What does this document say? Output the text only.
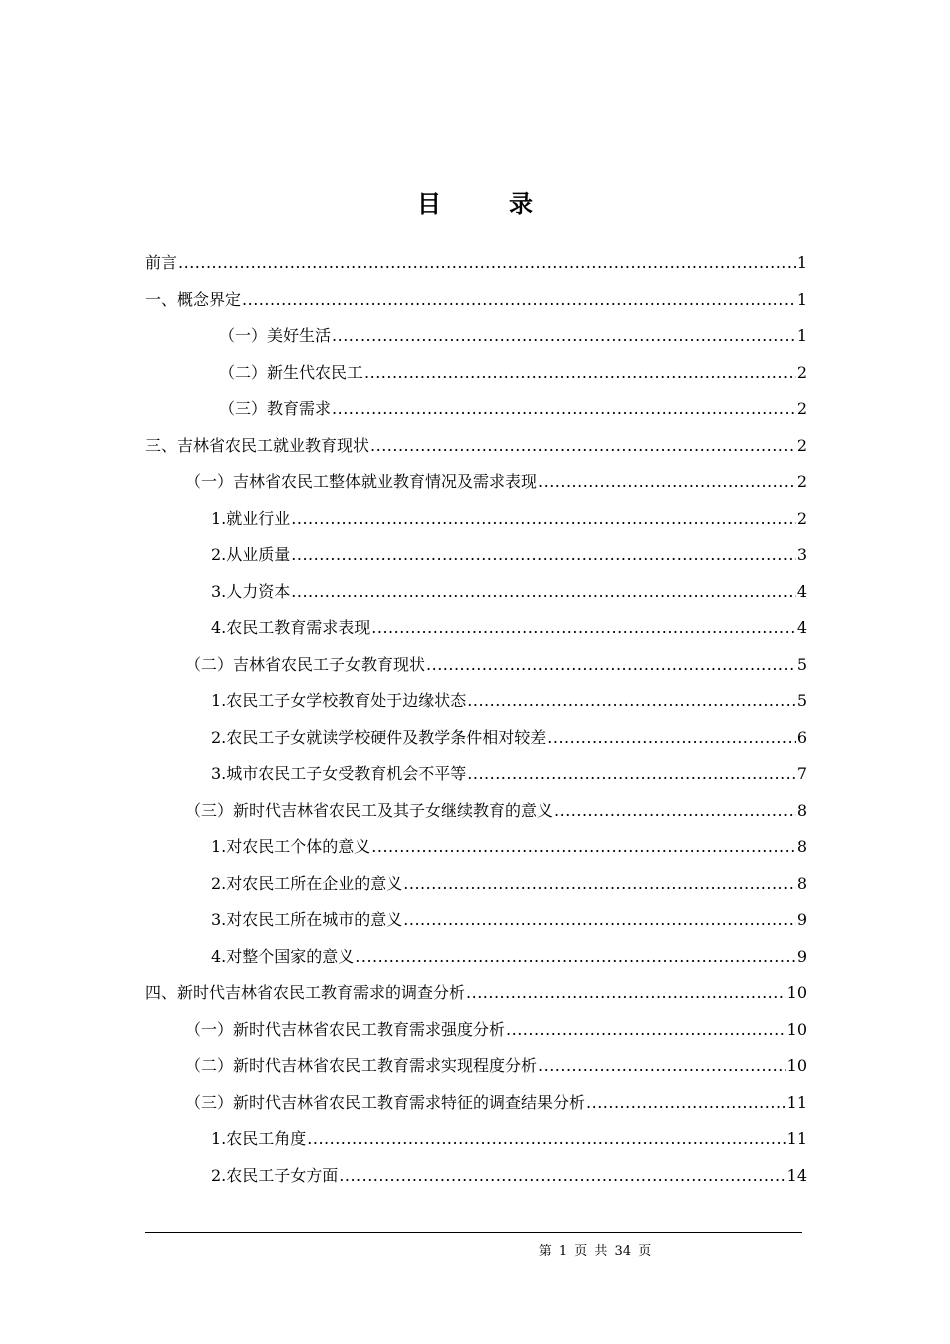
目　录
前言 .....	1
一、概念界定 .....	1
（一）美好生活 .....	1
（二）新生代农民工 .....	2
（三）教育需求 .....	2
三、吉林省农民工就业教育现状 .....	2
（一）吉林省农民工整体就业教育情况及需求表现 .....	2
1.就业行业 .....	2
2.从业质量 .....	3
3.人力资本 .....	4
4.农民工教育需求表现 .....	4
（二）吉林省农民工子女教育现状 .....	5
1.农民工子女学校教育处于边缘状态 .....	5
2.农民工子女就读学校硬件及教学条件相对较差 .....	6
3.城市农民工子女受教育机会不平等 .....	7
（三）新时代吉林省农民工及其子女继续教育的意义 .....	8
1.对农民工个体的意义 .....	8
2.对农民工所在企业的意义 .....	8
3.对农民工所在城市的意义 .....	9
4.对整个国家的意义 .....	9
四、新时代吉林省农民工教育需求的调查分析 .....	10
（一）新时代吉林省农民工教育需求强度分析 .....	10
（二）新时代吉林省农民工教育需求实现程度分析 .....	10
（三）新时代吉林省农民工教育需求特征的调查结果分析 .....	11
1.农民工角度 .....	11
2.农民工子女方面 .....	14
第 1 页 共 34 页
